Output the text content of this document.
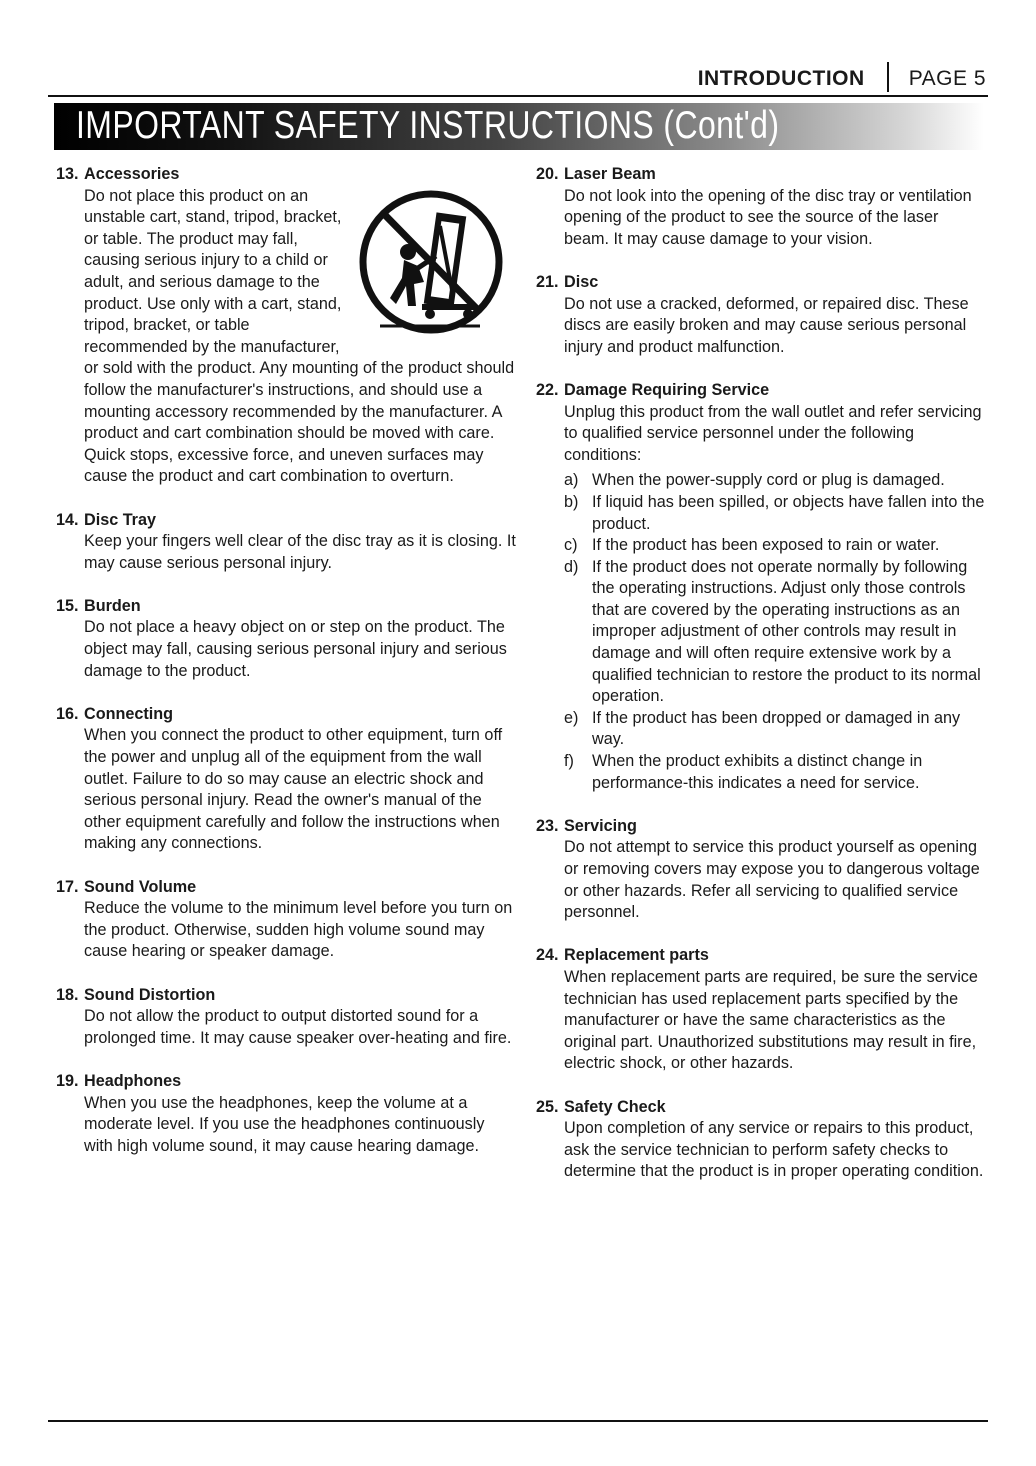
INTRODUCTION PAGE 5
IMPORTANT SAFETY INSTRUCTIONS (Cont'd)
13. Accessories

Do not place this product on an unstable cart, stand, tripod, bracket, or table. The product may fall, causing serious injury to a child or adult, and serious damage to the product. Use only with a cart, stand, tripod, bracket, or table recommended by the manufacturer, or sold with the product. Any mounting of the product should follow the manufacturer's instructions, and should use a mounting accessory recommended by the manufacturer. A product and cart combination should be moved with care. Quick stops, excessive force, and uneven surfaces may cause the product and cart combination to overturn.

14. Disc Tray

Keep your fingers well clear of the disc tray as it is closing. It may cause serious personal injury.

15. Burden

Do not place a heavy object on or step on the product. The object may fall, causing serious personal injury and serious damage to the product.

16. Connecting

When you connect the product to other equipment, turn off the power and unplug all of the equipment from the wall outlet. Failure to do so may cause an electric shock and serious personal injury. Read the owner's manual of the other equipment carefully and follow the instructions when making any connections.

17. Sound Volume

Reduce the volume to the minimum level before you turn on the product. Otherwise, sudden high volume sound may cause hearing or speaker damage.

18. Sound Distortion

Do not allow the product to output distorted sound for a prolonged time. It may cause speaker over-heating and fire.

19. Headphones

When you use the headphones, keep the volume at a moderate level. If you use the headphones continuously with high volume sound, it may cause hearing damage.

20. Laser Beam

Do not look into the opening of the disc tray or ventilation opening of the product to see the source of the laser beam. It may cause damage to your vision.

21. Disc

Do not use a cracked, deformed, or repaired disc. These discs are easily broken and may cause serious personal injury and product malfunction.

22. Damage Requiring Service

Unplug this product from the wall outlet and refer servicing to qualified service personnel under the following conditions:

a) When the power-supply cord or plug is damaged.
b) If liquid has been spilled, or objects have fallen into the product.
c) If the product has been exposed to rain or water.
d) If the product does not operate normally by following the operating instructions. Adjust only those controls that are covered by the operating instructions as an improper adjustment of other controls may result in damage and will often require extensive work by a qualified technician to restore the product to its normal operation.
e) If the product has been dropped or damaged in any way.
f) When the product exhibits a distinct change in performance-this indicates a need for service.
23. Servicing

Do not attempt to service this product yourself as opening or removing covers may expose you to dangerous voltage or other hazards. Refer all servicing to qualified service personnel.

24. Replacement parts

When replacement parts are required, be sure the service technician has used replacement parts specified by the manufacturer or have the same characteristics as the original part. Unauthorized substitutions may result in fire, electric shock, or other hazards.

25. Safety Check

Upon completion of any service or repairs to this product, ask the service technician to perform safety checks to determine that the product is in proper operating condition.
